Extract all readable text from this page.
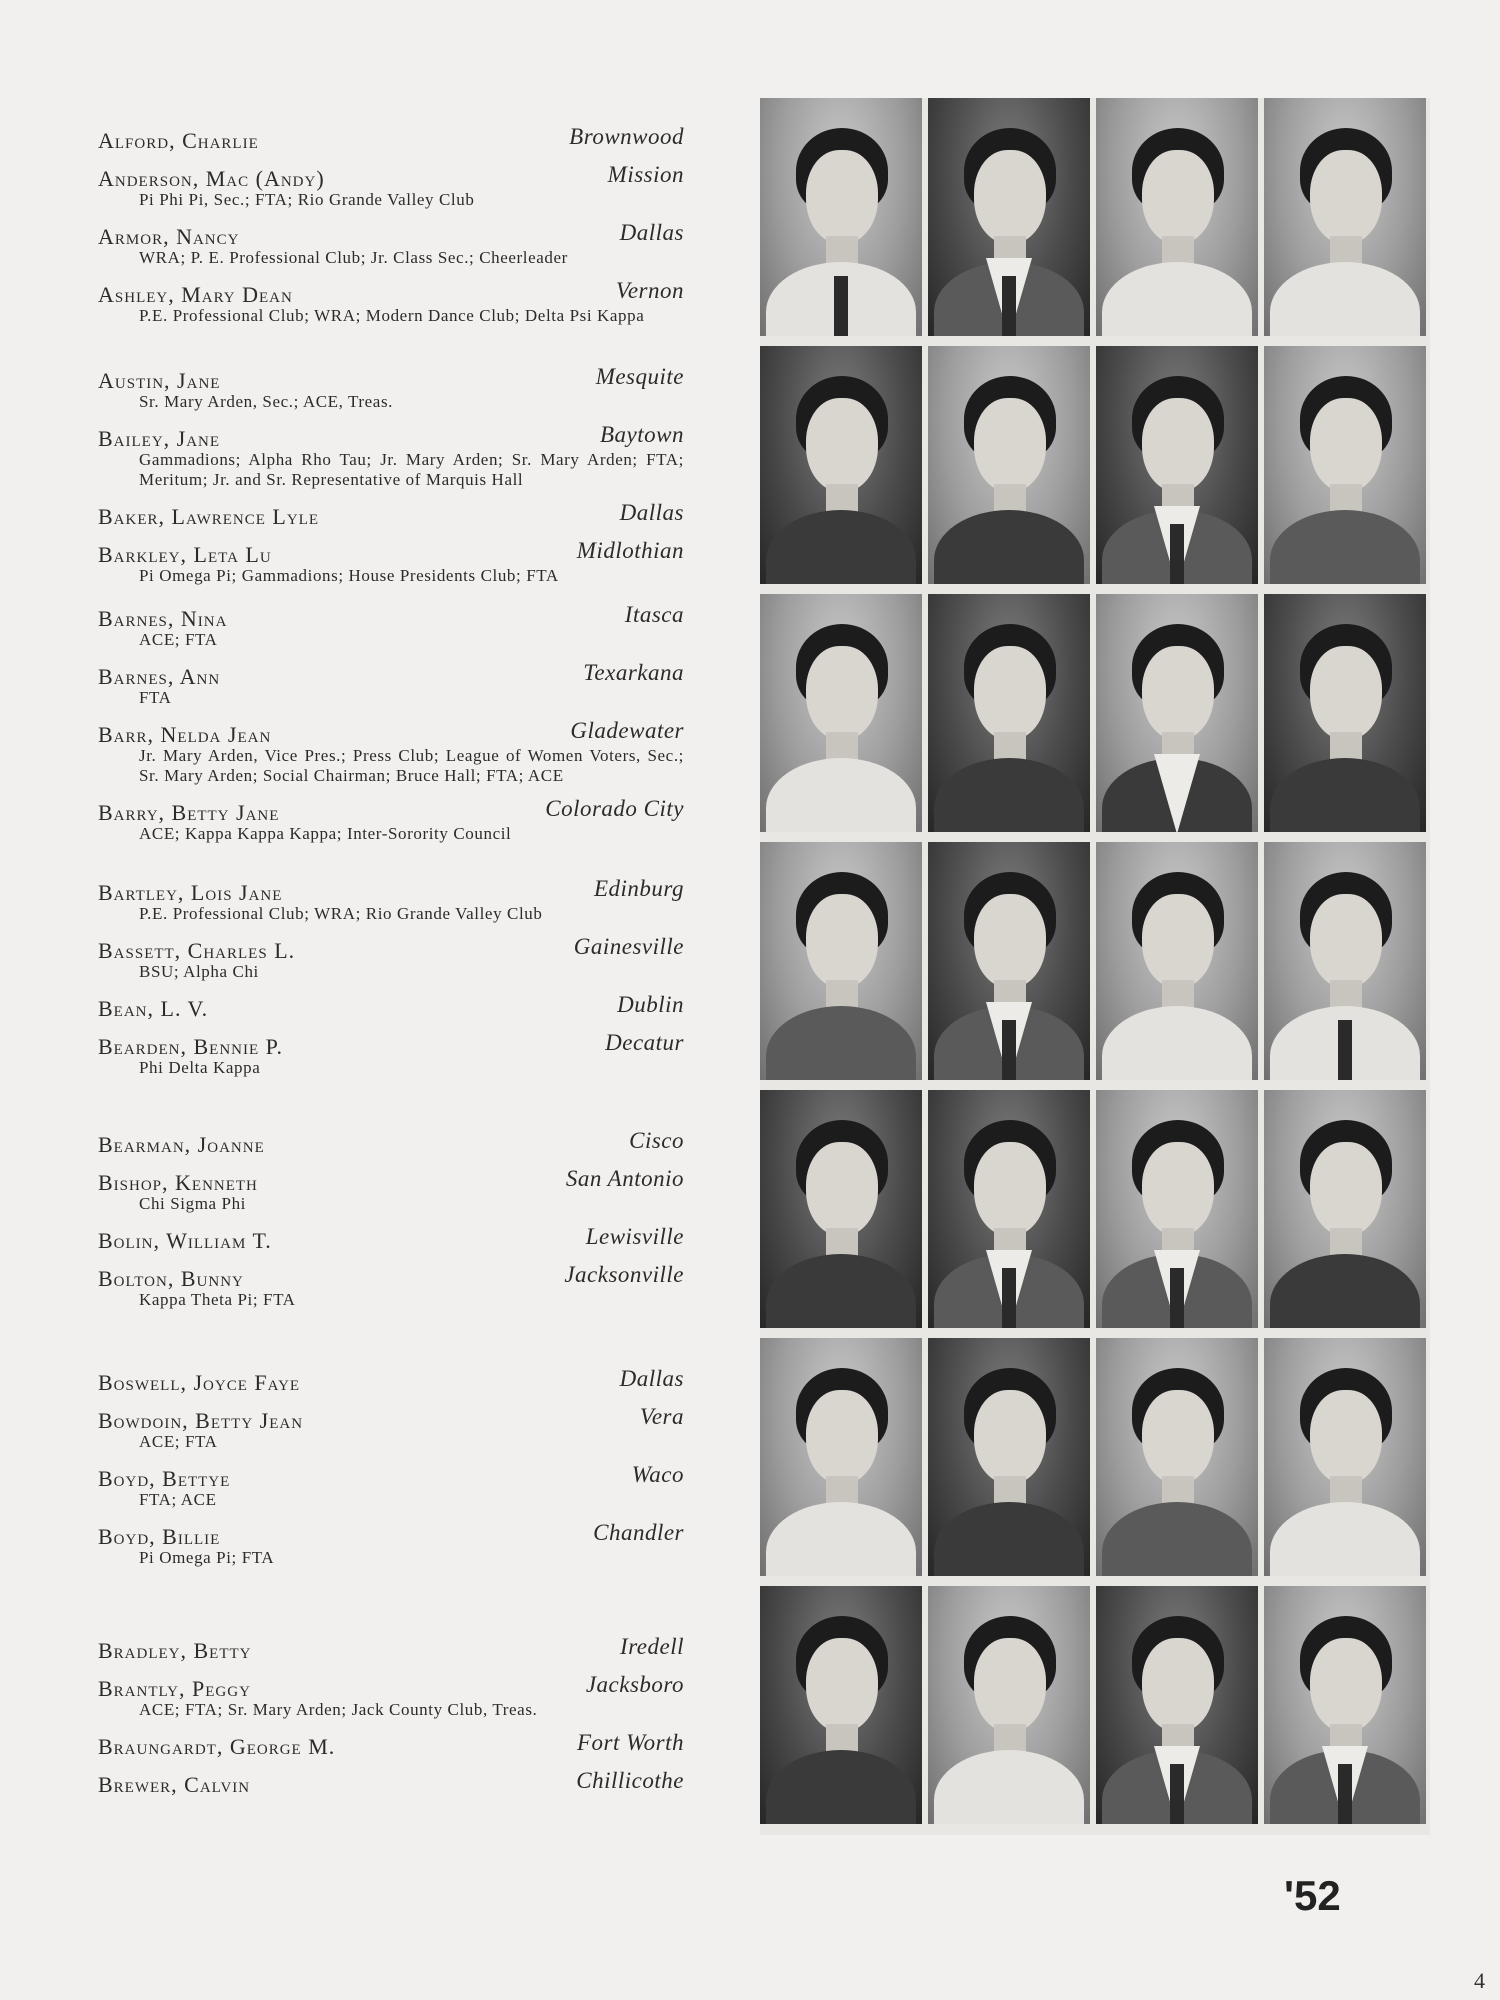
Alford, Charlie	Brownwood
Anderson, Mac (Andy)	Mission
Pi Phi Pi, Sec.; FTA; Rio Grande Valley Club
Armor, Nancy	Dallas
WRA; P. E. Professional Club; Jr. Class Sec.; Cheerleader
Ashley, Mary Dean	Vernon
P.E. Professional Club; WRA; Modern Dance Club; Delta Psi Kappa
Austin, Jane	Mesquite
Sr. Mary Arden, Sec.; ACE, Treas.
Bailey, Jane	Baytown
Gammadions; Alpha Rho Tau; Jr. Mary Arden; Sr. Mary Arden; FTA; Meritum; Jr. and Sr. Representative of Marquis Hall
Baker, Lawrence Lyle	Dallas
Barkley, Leta Lu	Midlothian
Pi Omega Pi; Gammadions; House Presidents Club; FTA
Barnes, Nina	Itasca
ACE; FTA
Barnes, Ann	Texarkana
FTA
Barr, Nelda Jean	Gladewater
Jr. Mary Arden, Vice Pres.; Press Club; League of Women Voters, Sec.; Sr. Mary Arden; Social Chairman; Bruce Hall; FTA; ACE
Barry, Betty Jane	Colorado City
ACE; Kappa Kappa Kappa; Inter-Sorority Council
Bartley, Lois Jane	Edinburg
P.E. Professional Club; WRA; Rio Grande Valley Club
Bassett, Charles L.	Gainesville
BSU; Alpha Chi
Bean, L. V.	Dublin
Bearden, Bennie P.	Decatur
Phi Delta Kappa
Bearman, Joanne	Cisco
Bishop, Kenneth	San Antonio
Chi Sigma Phi
Bolin, William T.	Lewisville
Bolton, Bunny	Jacksonville
Kappa Theta Pi; FTA
Boswell, Joyce Faye	Dallas
Bowdoin, Betty Jean	Vera
ACE; FTA
Boyd, Bettye	Waco
FTA; ACE
Boyd, Billie	Chandler
Pi Omega Pi; FTA
Bradley, Betty	Iredell
Brantly, Peggy	Jacksboro
ACE; FTA; Sr. Mary Arden; Jack County Club, Treas.
Braungardt, George M.	Fort Worth
Brewer, Calvin	Chillicothe
'52
4
